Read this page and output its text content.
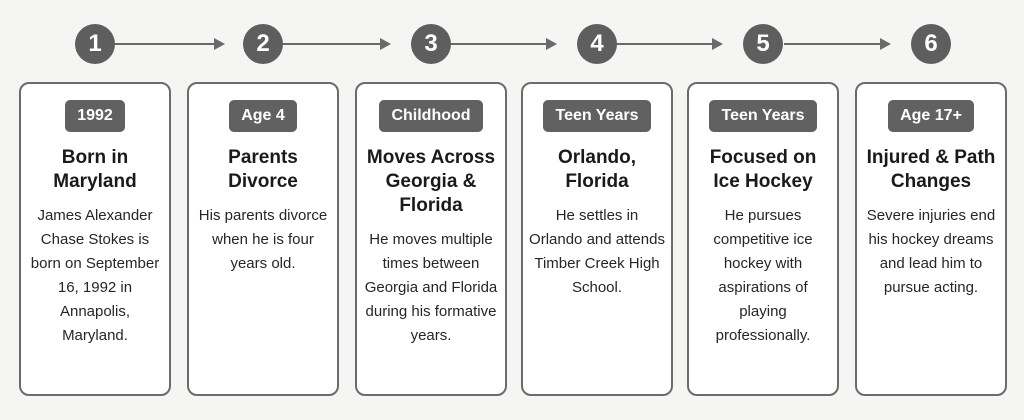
1
1992
Born in Maryland
James Alexander Chase Stokes is born on September 16, 1992 in Annapolis, Maryland.
2
Age 4
Parents Divorce
His parents divorce when he is four years old.
3
Childhood
Moves Across Georgia & Florida
He moves multiple times between Georgia and Florida during his formative years.
4
Teen Years
Orlando, Florida
He settles in Orlando and attends Timber Creek High School.
5
Teen Years
Focused on Ice Hockey
He pursues competitive ice hockey with aspirations of playing professionally.
6
Age 17+
Injured & Path Changes
Severe injuries end his hockey dreams and lead him to pursue acting.
